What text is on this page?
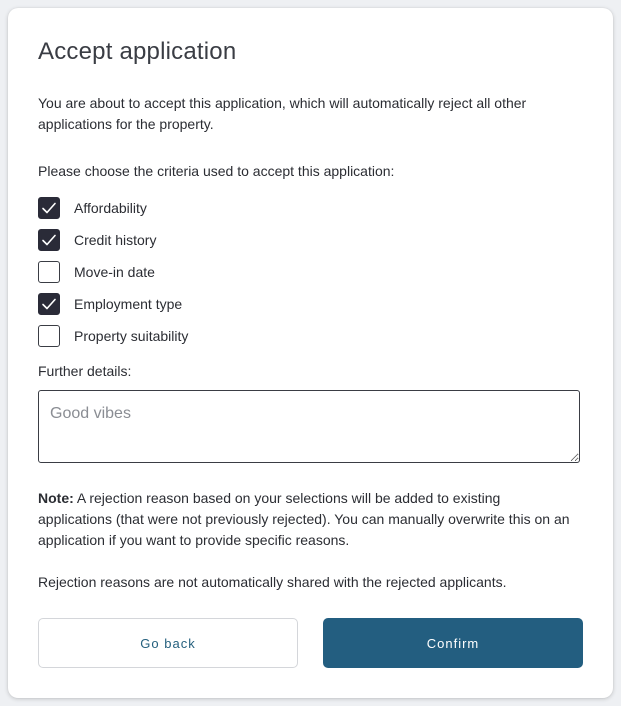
Accept application

You are about to accept this application, which will automatically reject all other applications for the property.

Please choose the criteria used to accept this application:

Affordability
Credit history
Move-in date
Employment type
Property suitability

Further details:

Good vibes

Note: A rejection reason based on your selections will be added to existing applications (that were not previously rejected). You can manually overwrite this on an application if you want to provide specific reasons.

Rejection reasons are not automatically shared with the rejected applicants.

Go back	Confirm
